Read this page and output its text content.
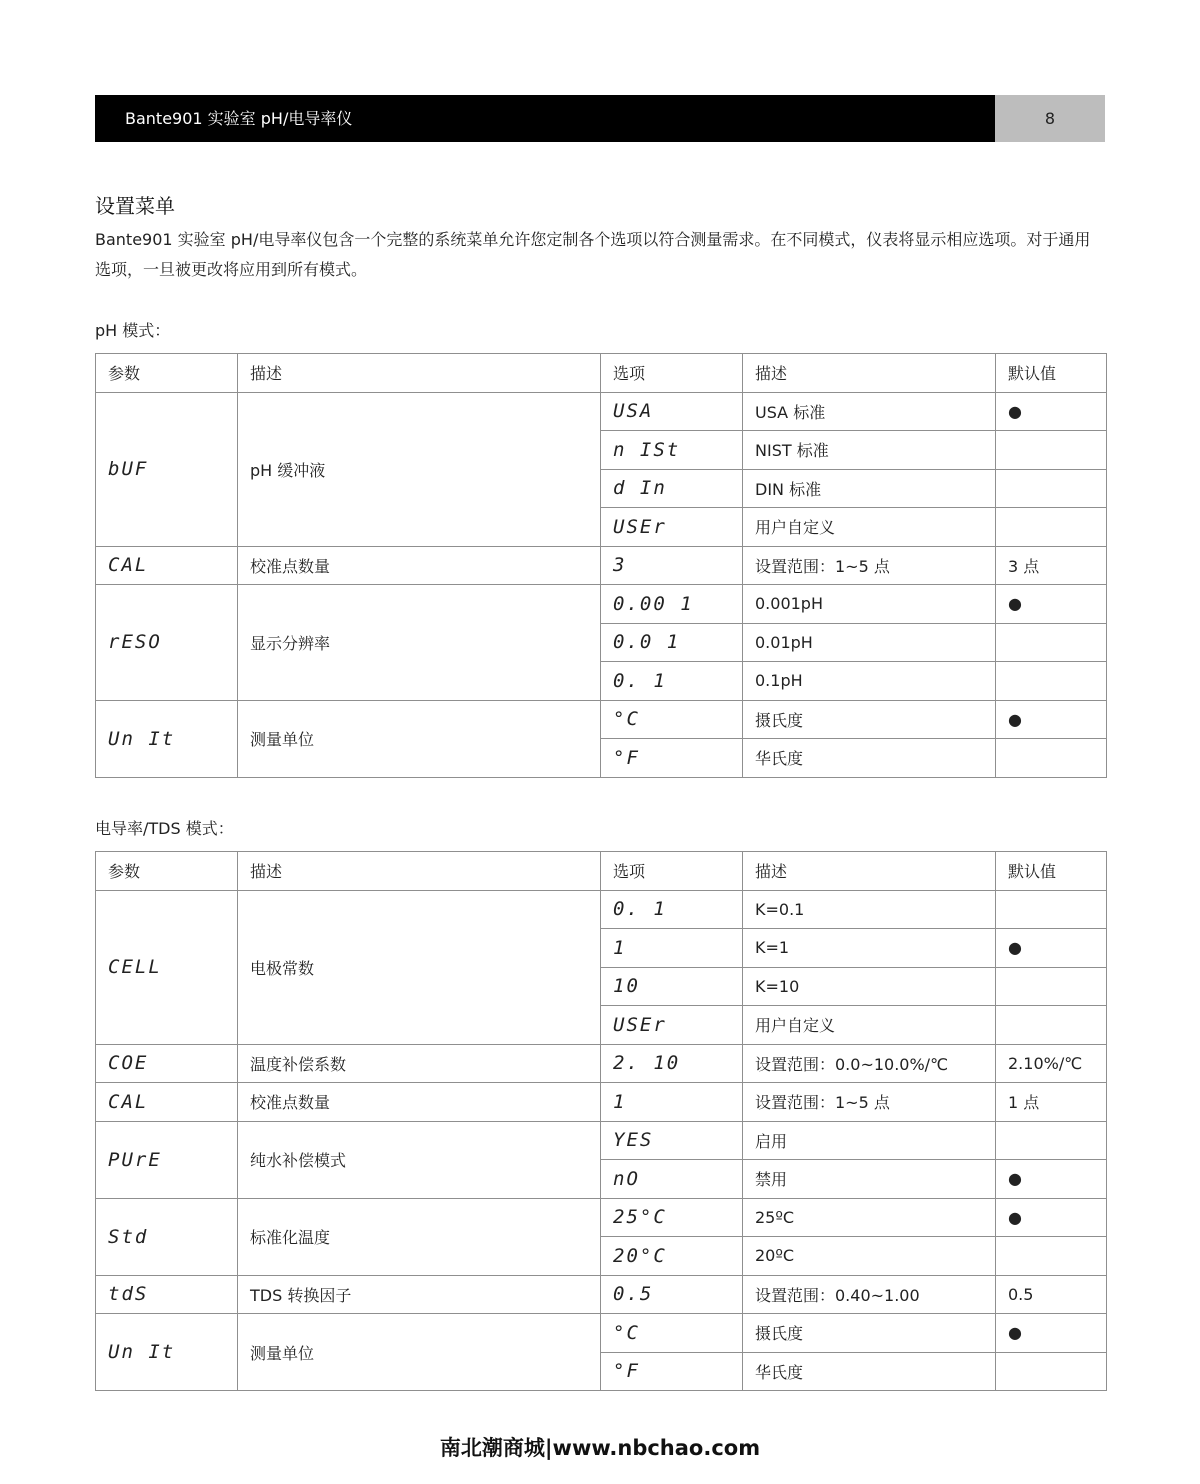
Bante901 实验室 pH/电导率仪	8
设置菜单

Bante901 实验室 pH/电导率仪包含一个完整的系统菜单允许您定制各个选项以符合测量需求。在不同模式，仪表将显示相应选项。对于通用选项，一旦被更改将应用到所有模式。

pH 模式：
参数	描述	选项	描述	默认值
bUF	pH 缓冲液	USA	USA 标准	●
		n ISt	NIST 标准	
		d In	DIN 标准	
		USEr	用户自定义	
CAL	校准点数量	3	设置范围：1~5 点	3 点
rESO	显示分辨率	0.00 1	0.001pH	●
		0.0 1	0.01pH	
		0. 1	0.1pH	
Un It	测量单位	°C	摄氏度	●
		°F	华氏度	
电导率/TDS 模式：
参数	描述	选项	描述	默认值
CELL	电极常数	0. 1	K=0.1	
		1	K=1	●
		10	K=10	
		USEr	用户自定义	
COE	温度补偿系数	2. 10	设置范围：0.0~10.0%/℃	2.10%/℃
CAL	校准点数量	1	设置范围：1~5 点	1 点
PUrE	纯水补偿模式	YES	启用	
		nO	禁用	●
Std	标准化温度	25°C	25ºC	●
		20°C	20ºC	
tdS	TDS 转换因子	0.5	设置范围：0.40~1.00	0.5
Un It	测量单位	°C	摄氏度	●
		°F	华氏度	
南北潮商城|www.nbchao.com
